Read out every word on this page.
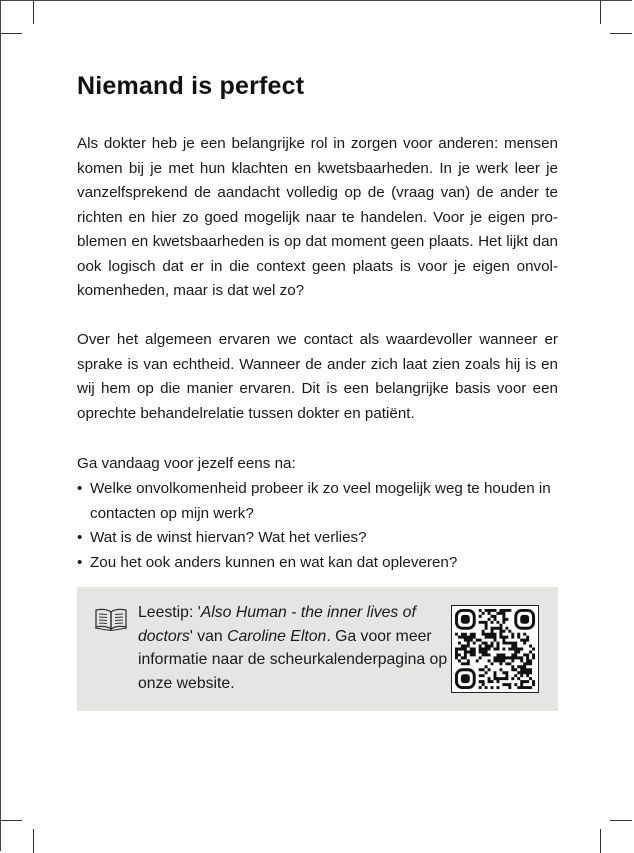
Niemand is perfect

Als dokter heb je een belangrijke rol in zorgen voor anderen: mensen komen bij je met hun klachten en kwetsbaarheden. In je werk leer je vanzelfsprekend de aandacht volledig op de (vraag van) de ander te richten en hier zo goed mogelijk naar te handelen. Voor je eigen problemen en kwetsbaarheden is op dat moment geen plaats. Het lijkt dan ook logisch dat er in die context geen plaats is voor je eigen onvolkomenheden, maar is dat wel zo?

Over het algemeen ervaren we contact als waardevoller wanneer er sprake is van echtheid. Wanneer de ander zich laat zien zoals hij is en wij hem op die manier ervaren. Dit is een belangrijke basis voor een oprechte behandelrelatie tussen dokter en patiënt.

Ga vandaag voor jezelf eens na:

• Welke onvolkomenheid probeer ik zo veel mogelijk weg te houden in contacten op mijn werk?
• Wat is de winst hiervan? Wat het verlies?
• Zou het ook anders kunnen en wat kan dat opleveren?

Leestip: 'Also Human - the inner lives of doctors' van Caroline Elton. Ga voor meer informatie naar de scheurkalenderpagina op onze website.
